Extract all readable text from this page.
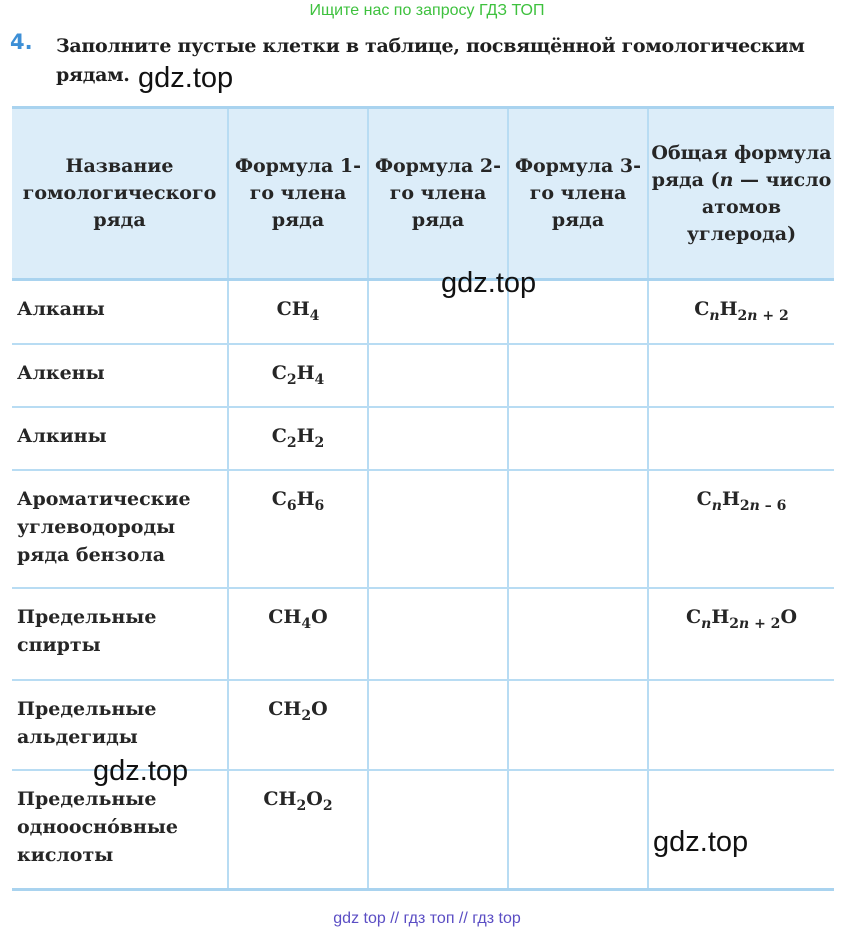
Ищите нас по запросу ГДЗ ТОП
4. Заполните пустые клетки в таблице, посвящённой гомологическим рядам.
Название гомологического ряда	Формула 1-го члена ряда	Формула 2-го члена ряда	Формула 3-го члена ряда	Общая формула ряда (n — число атомов углерода)
Алканы	$CH_4$			$C_nH_{2n + 2}$
Алкены	$C_2H_4$			
Алкины	$C_2H_2$			
Ароматические углеводороды ряда бензола	$C_6H_6$			$C_nH_{2n - 6}$
Предельные спирты	$CH_4O$			$C_nH_{2n + 2}O$
Предельные альдегиды	$CH_2O$			
Предельные одноосно́вные кислоты	$CH_2O_2$			
gdz.top
gdz.top
gdz.top
gdz.top
gdz top // гдз топ // гдз top
